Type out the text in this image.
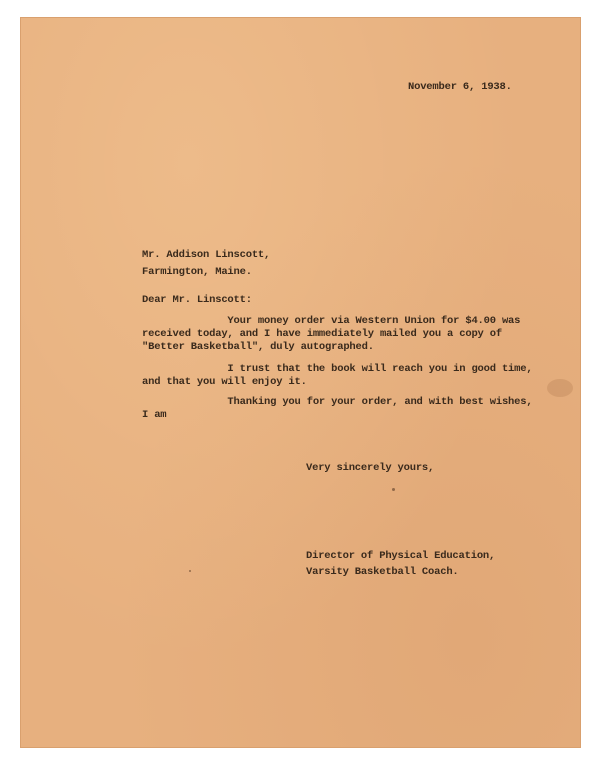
November 6, 1938.

Mr. Addison Linscott,

Farmington, Maine.

Dear Mr. Linscott:

Your money order via Western Union for $4.00 was
received today, and I have immediately mailed you a copy of
"Better Basketball", duly autographed.

I trust that the book will reach you in good time,
and that you will enjoy it.

Thanking you for your order, and with best wishes,
I am

Very sincerely yours,

Director of Physical Education,

Varsity Basketball Coach.
